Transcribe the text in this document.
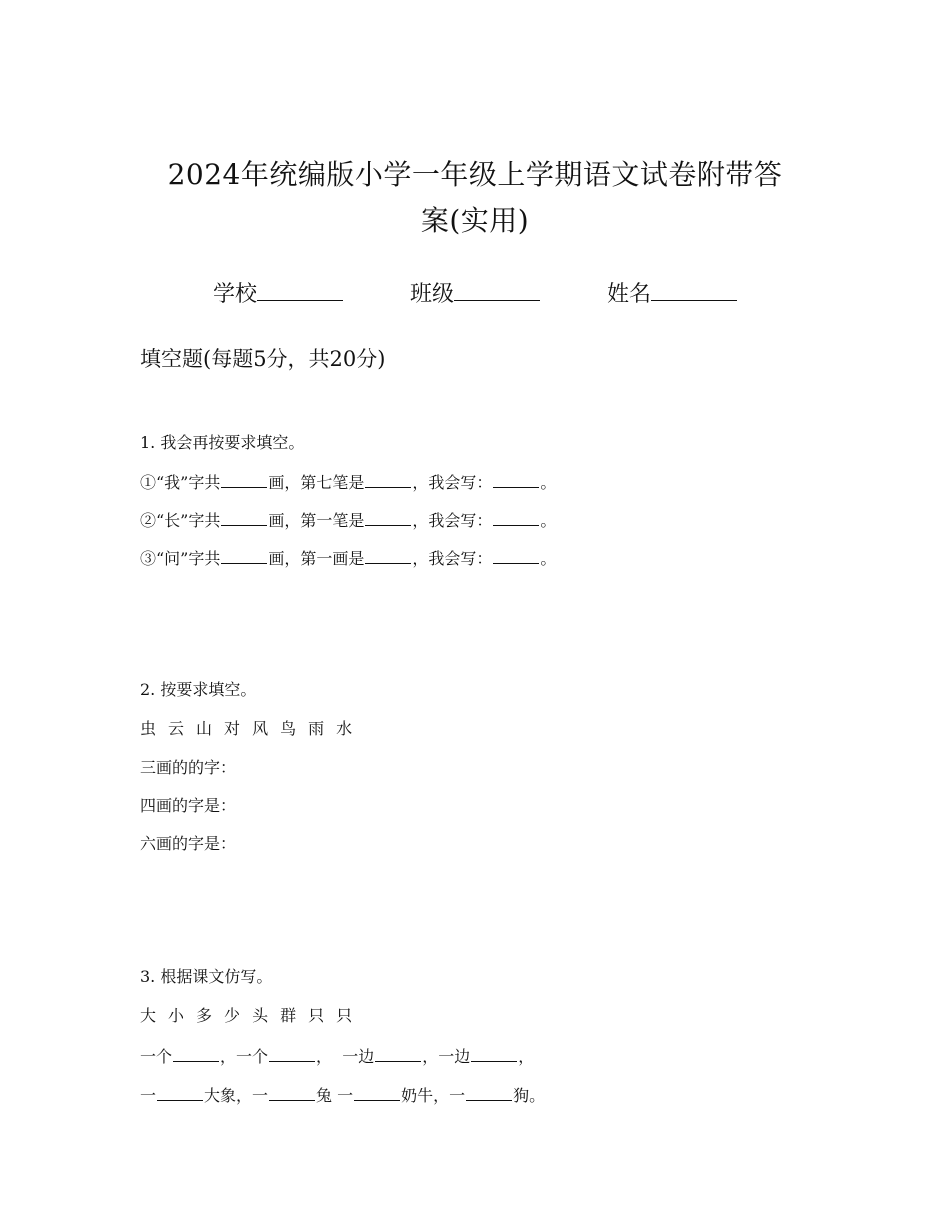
2024年统编版小学一年级上学期语文试卷附带答
案(实用)
学校	班级	姓名
填空题(每题5分，共20分)
1. 我会再按要求填空。
①“我”字共	画，第七笔是	，我会写：	。
②“长”字共	画，第一笔是	，我会写：	。
③“问”字共	画，第一画是	，我会写：	。
2. 按要求填空。
虫 云 山 对 风 鸟 雨 水
三画的的字：
四画的字是：
六画的字是：
3. 根据课文仿写。
大 小 多 少 头 群 只 只
一个	，一个	，  一边	，一边	，
一	大象，一	兔 一	奶牛，一	狗。
